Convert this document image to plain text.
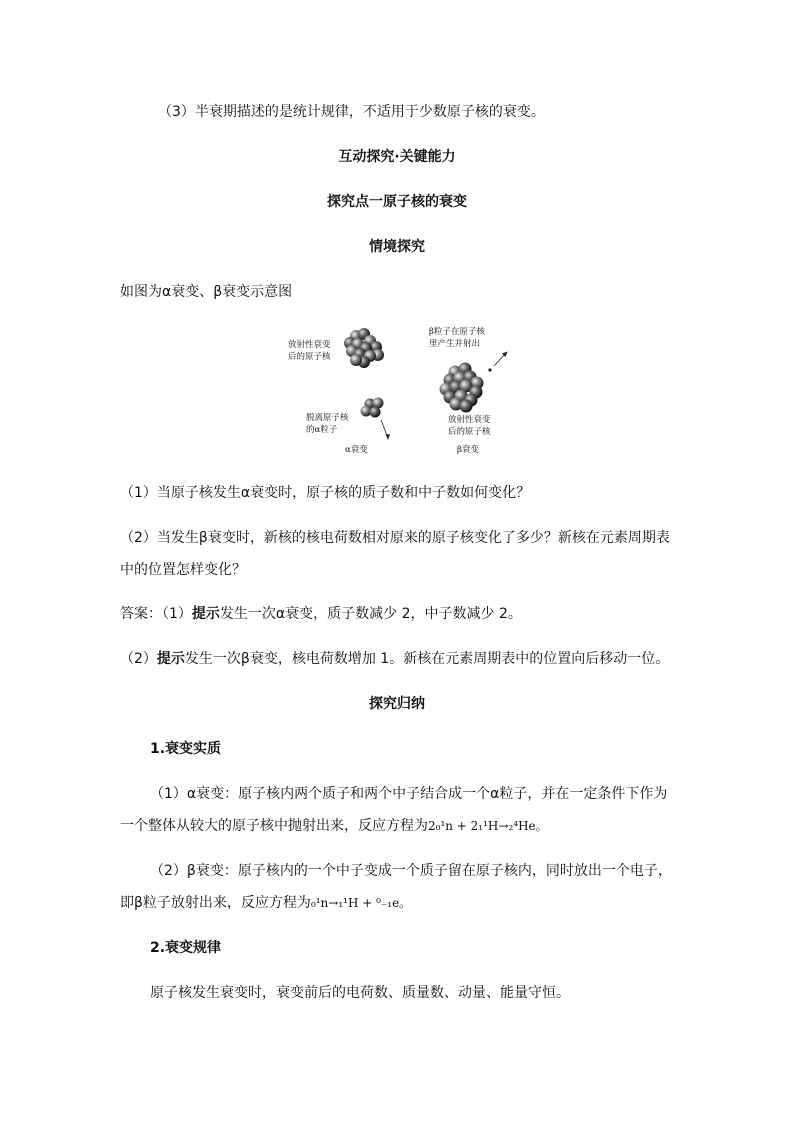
（3）半衰期描述的是统计规律，不适用于少数原子核的衰变。
互动探究·关键能力
探究点一原子核的衰变
情境探究
如图为α衰变、β衰变示意图
放射性衰变
后的原子核
脱离原子核
的α粒子
α衰变
β粒子在原子核
里产生并射出
放射性衰变
后的原子核
β衰变
（1）当原子核发生α衰变时，原子核的质子数和中子数如何变化？
（2）当发生β衰变时，新核的核电荷数相对原来的原子核变化了多少？新核在元素周期表
中的位置怎样变化？
答案：（1）提示发生一次α衰变，质子数减少 2，中子数减少 2。
（2）提示发生一次β衰变，核电荷数增加 1。新核在元素周期表中的位置向后移动一位。
探究归纳
1.衰变实质
（1）α衰变：原子核内两个质子和两个中子结合成一个α粒子，并在一定条件下作为
一个整体从较大的原子核中抛射出来，反应方程为2₀¹n + 2₁¹H→₂⁴He。
（2）β衰变：原子核内的一个中子变成一个质子留在原子核内，同时放出一个电子，
即β粒子放射出来，反应方程为₀¹n→₁¹H + ⁰₋₁e。
2.衰变规律
原子核发生衰变时，衰变前后的电荷数、质量数、动量、能量守恒。
